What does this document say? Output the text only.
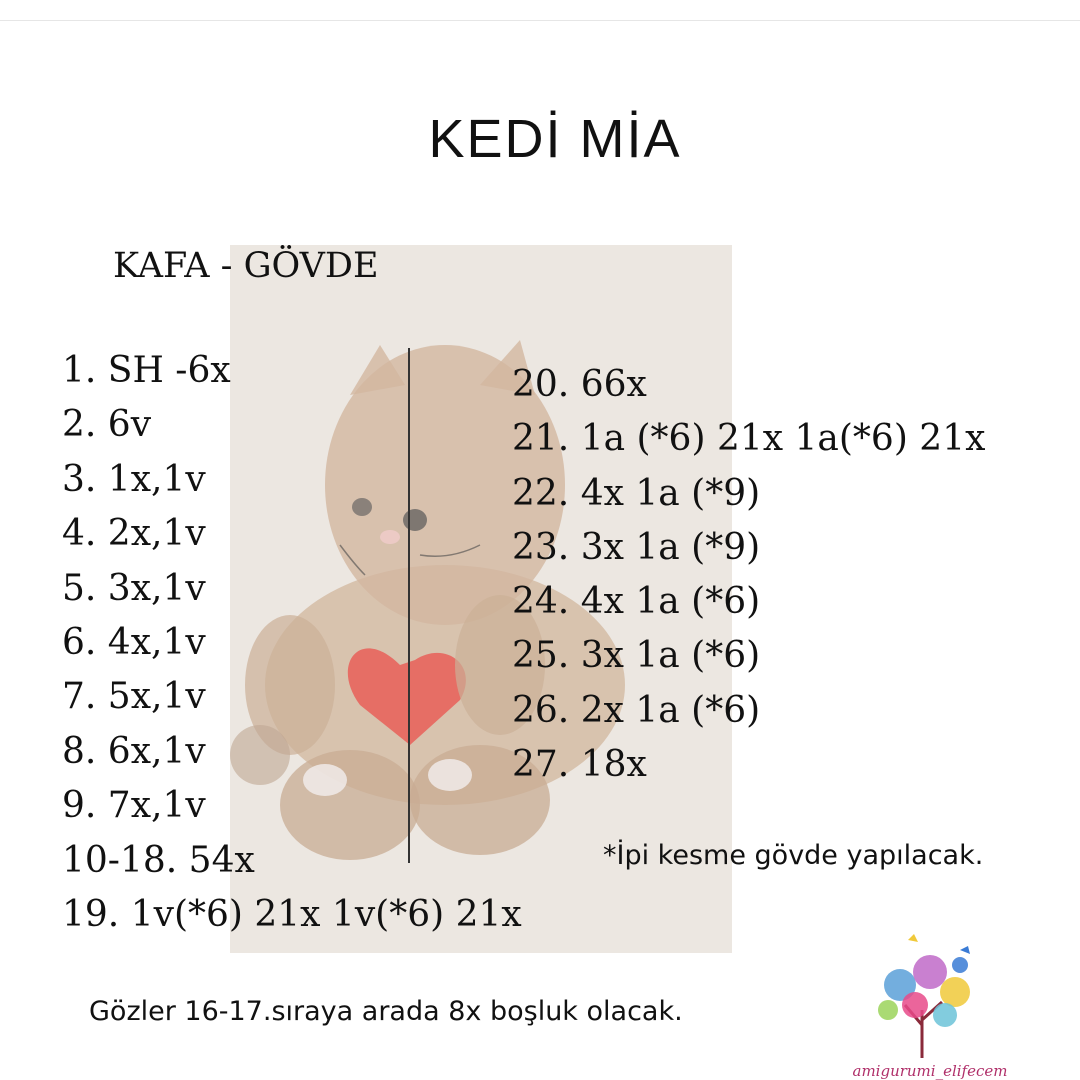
KEDİ MİA
KAFA - GÖVDE
1. SH -6x
2. 6v
3. 1x,1v
4. 2x,1v
5. 3x,1v
6. 4x,1v
7. 5x,1v
8. 6x,1v
9. 7x,1v
10-18. 54x
19. 1v(*6) 21x 1v(*6) 21x
20. 66x
21. 1a (*6) 21x 1a(*6) 21x
22. 4x 1a (*9)
23. 3x 1a (*9)
24. 4x 1a (*6)
25. 3x 1a (*6)
26. 2x 1a (*6)
27. 18x
*İpi kesme gövde yapılacak.
Gözler 16-17.sıraya arada 8x boşluk olacak.
amigurumi_elifecem
